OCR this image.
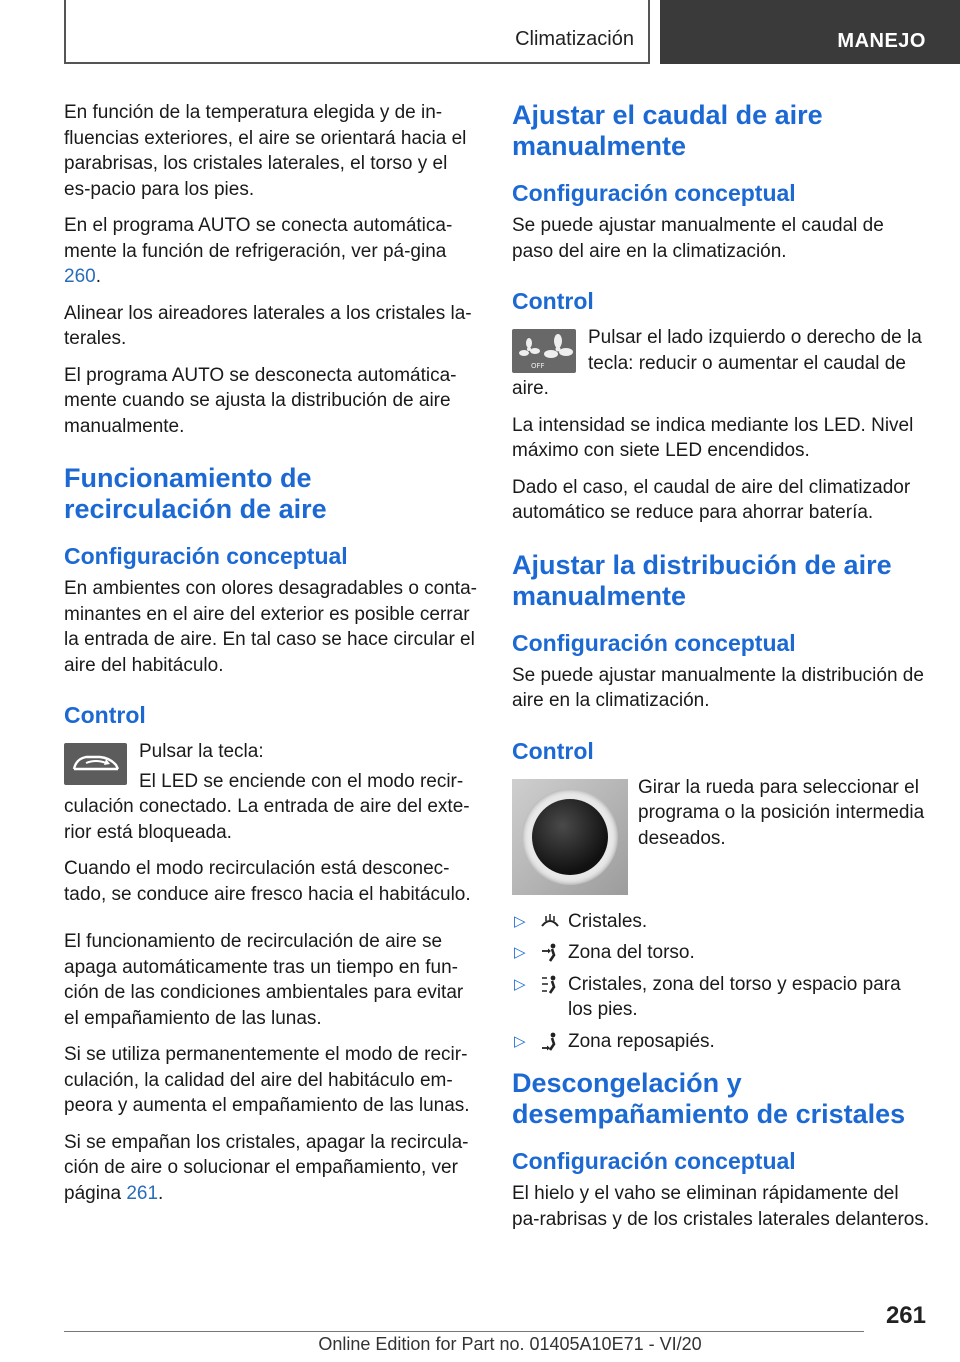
Climatización	MANEJO

En función de la temperatura elegida y de in-fluencias exteriores, el aire se orientará hacia el parabrisas, los cristales laterales, el torso y el es-pacio para los pies.

En el programa AUTO se conecta automática-mente la función de refrigeración, ver pá-gina 260.

Alinear los aireadores laterales a los cristales la-terales.

El programa AUTO se desconecta automática-mente cuando se ajusta la distribución de aire manualmente.

Funcionamiento de recirculación de aire
Configuración conceptual

En ambientes con olores desagradables o conta-minantes en el aire del exterior es posible cerrar la entrada de aire. En tal caso se hace circular el aire del habitáculo.

Control

Pulsar la tecla:

El LED se enciende con el modo recir-culación conectado. La entrada de aire del exte-rior está bloqueada.

Cuando el modo recirculación está desconec-tado, se conduce aire fresco hacia el habitáculo.

El funcionamiento de recirculación de aire se apaga automáticamente tras un tiempo en fun-ción de las condiciones ambientales para evitar el empañamiento de las lunas.

Si se utiliza permanentemente el modo de recir-culación, la calidad del aire del habitáculo em-peora y aumenta el empañamiento de las lunas.

Si se empañan los cristales, apagar la recircula-ción de aire o solucionar el empañamiento, ver página 261.

Ajustar el caudal de aire manualmente
Configuración conceptual

Se puede ajustar manualmente el caudal de paso del aire en la climatización.

Control
OFF

Pulsar el lado izquierdo o derecho de la tecla: reducir o aumentar el caudal de aire.

La intensidad se indica mediante los LED. Nivel máximo con siete LED encendidos.

Dado el caso, el caudal de aire del climatizador automático se reduce para ahorrar batería.

Ajustar la distribución de aire manualmente
Configuración conceptual

Se puede ajustar manualmente la distribución de aire en la climatización.

Control

Girar la rueda para seleccionar el programa o la posición intermedia deseados.

▷ Cristales.
▷ Zona del torso.
▷ Cristales, zona del torso y espacio para los pies.
▷ Zona reposapiés.
Descongelación y desempañamiento de cristales
Configuración conceptual

El hielo y el vaho se eliminan rápidamente del pa-rabrisas y de los cristales laterales delanteros.

261
Online Edition for Part no. 01405A10E71 - VI/20
